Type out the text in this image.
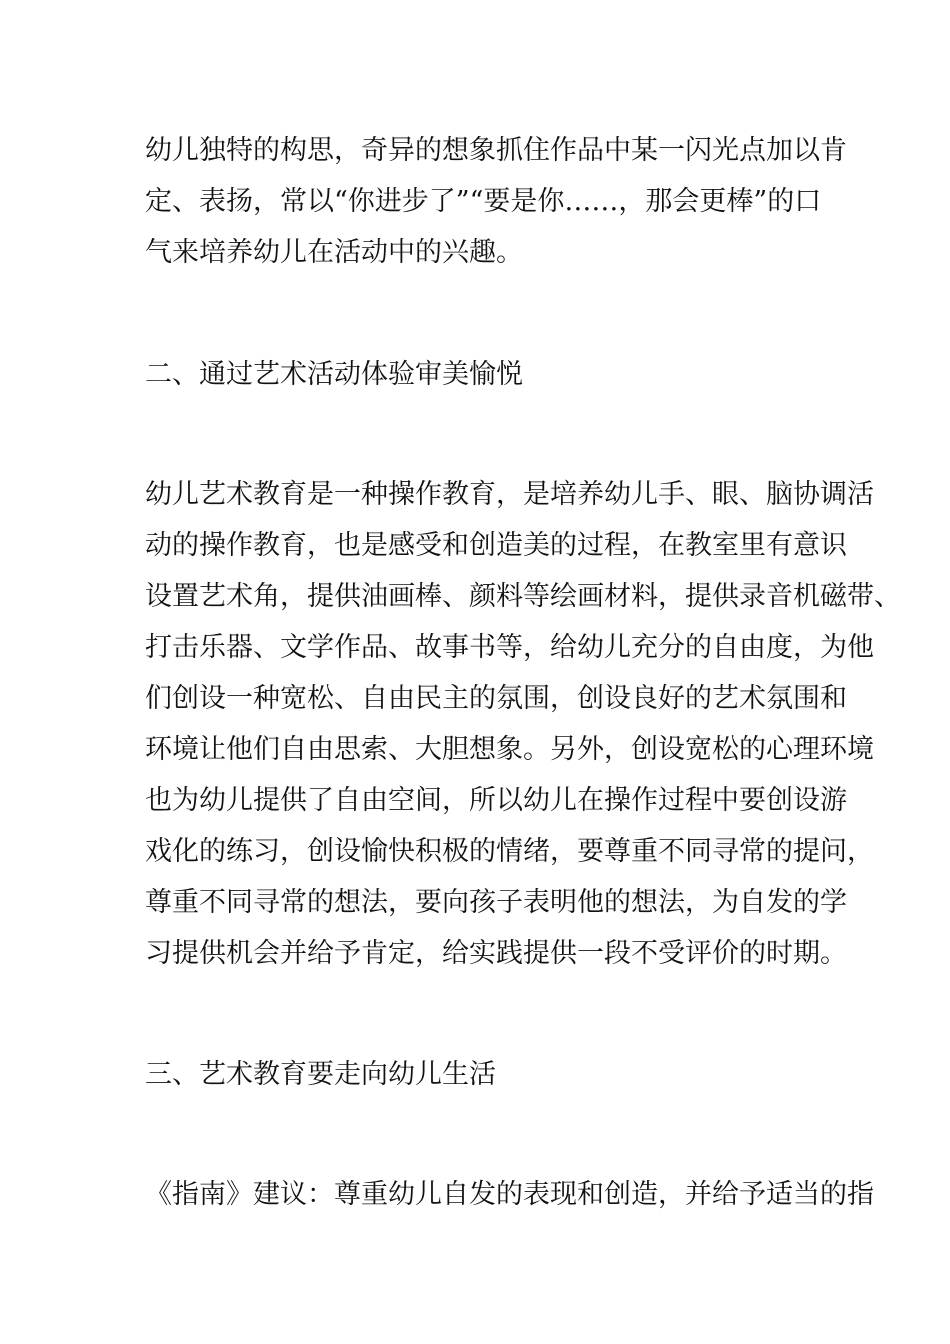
幼儿独特的构思，奇异的想象抓住作品中某一闪光点加以肯
定、表扬，常以“你进步了”“要是你……，那会更棒”的口
气来培养幼儿在活动中的兴趣。
二、通过艺术活动体验审美愉悦
幼儿艺术教育是一种操作教育，是培养幼儿手、眼、脑协调活
动的操作教育，也是感受和创造美的过程，在教室里有意识
设置艺术角，提供油画棒、颜料等绘画材料，提供录音机磁带、
打击乐器、文学作品、故事书等，给幼儿充分的自由度，为他
们创设一种宽松、自由民主的氛围，创设良好的艺术氛围和
环境让他们自由思索、大胆想象。另外，创设宽松的心理环境
也为幼儿提供了自由空间，所以幼儿在操作过程中要创设游
戏化的练习，创设愉快积极的情绪，要尊重不同寻常的提问，
尊重不同寻常的想法，要向孩子表明他的想法，为自发的学
习提供机会并给予肯定，给实践提供一段不受评价的时期。
三、艺术教育要走向幼儿生活
《指南》建议：尊重幼儿自发的表现和创造，并给予适当的指
